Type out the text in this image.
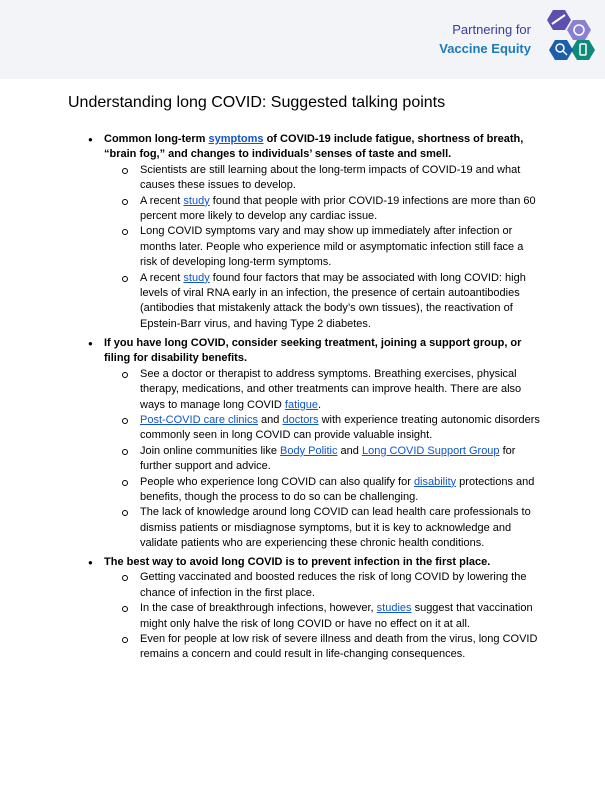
Partnering for
Vaccine Equity
Understanding long COVID: Suggested talking points
● Common long-term symptoms of COVID-19 include fatigue, shortness of breath, “brain fog,” and changes to individuals’ senses of taste and smell.
Scientists are still learning about the long-term impacts of COVID-19 and what causes these issues to develop.
A recent study found that people with prior COVID-19 infections are more than 60 percent more likely to develop any cardiac issue.
Long COVID symptoms vary and may show up immediately after infection or months later. People who experience mild or asymptomatic infection still face a risk of developing long-term symptoms.
A recent study found four factors that may be associated with long COVID: high levels of viral RNA early in an infection, the presence of certain autoantibodies (antibodies that mistakenly attack the body’s own tissues), the reactivation of Epstein-Barr virus, and having Type 2 diabetes.
● If you have long COVID, consider seeking treatment, joining a support group, or filing for disability benefits.
See a doctor or therapist to address symptoms. Breathing exercises, physical therapy, medications, and other treatments can improve health. There are also ways to manage long COVID fatigue.
Post-COVID care clinics and doctors with experience treating autonomic disorders commonly seen in long COVID can provide valuable insight.
Join online communities like Body Politic and Long COVID Support Group for further support and advice.
People who experience long COVID can also qualify for disability protections and benefits, though the process to do so can be challenging.
The lack of knowledge around long COVID can lead health care professionals to dismiss patients or misdiagnose symptoms, but it is key to acknowledge and validate patients who are experiencing these chronic health conditions.
● The best way to avoid long COVID is to prevent infection in the first place.
Getting vaccinated and boosted reduces the risk of long COVID by lowering the chance of infection in the first place.
In the case of breakthrough infections, however, studies suggest that vaccination might only halve the risk of long COVID or have no effect on it at all.
Even for people at low risk of severe illness and death from the virus, long COVID remains a concern and could result in life-changing consequences.
